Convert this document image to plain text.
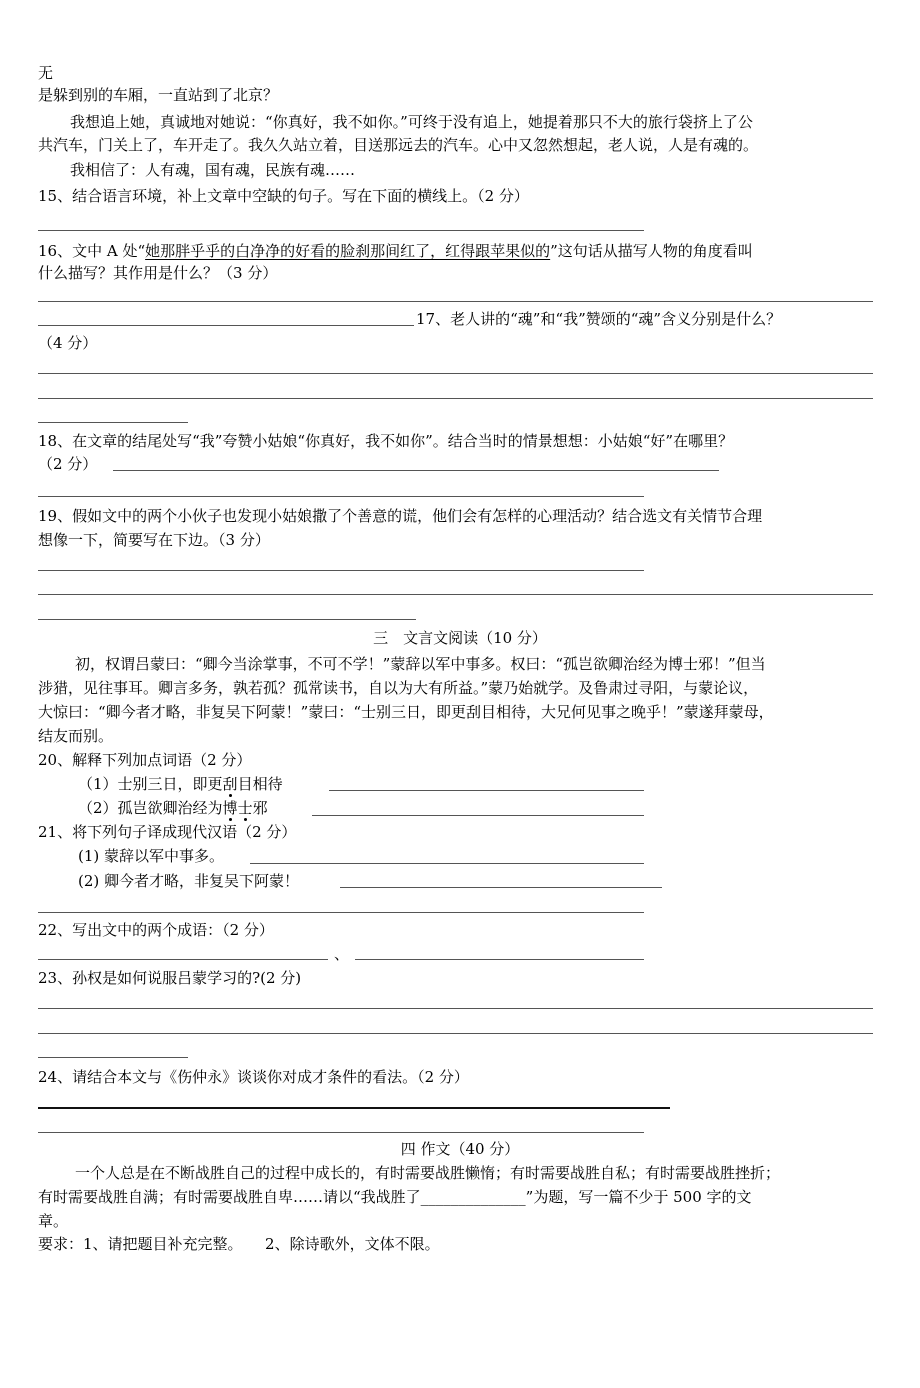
无
是躲到别的车厢，一直站到了北京？
我想追上她，真诚地对她说：“你真好，我不如你。”可终于没有追上，她提着那只不大的旅行袋挤上了公
共汽车，门关上了，车开走了。我久久站立着，目送那远去的汽车。心中又忽然想起，老人说，人是有魂的。
我相信了：人有魂，国有魂，民族有魂……
15、结合语言环境，补上文章中空缺的句子。写在下面的横线上。（2 分）
16、文中 A 处“她那胖乎乎的白净净的好看的脸刹那间红了，红得跟苹果似的”这句话从描写人物的角度看叫
什么描写？其作用是什么？（3 分）
17、老人讲的“魂”和“我”赞颂的“魂”含义分别是什么？
（4 分）
18、在文章的结尾处写“我”夸赞小姑娘“你真好，我不如你”。结合当时的情景想想：小姑娘“好”在哪里？
（2 分）
19、假如文中的两个小伙子也发现小姑娘撒了个善意的谎，他们会有怎样的心理活动？结合选文有关情节合理
想像一下，简要写在下边。（3 分）
三　文言文阅读（10 分）
初，权谓吕蒙曰：“卿今当涂掌事，不可不学！”蒙辞以军中事多。权曰：“孤岂欲卿治经为博士邪！”但当
涉猎，见往事耳。卿言多务，孰若孤？孤常读书，自以为大有所益。”蒙乃始就学。及鲁肃过寻阳，与蒙论议，
大惊曰：“卿今者才略，非复吴下阿蒙！”蒙曰：“士别三日，即更刮目相待，大兄何见事之晚乎！”蒙遂拜蒙母，
结友而别。
20、解释下列加点词语（2 分）
（1）士别三日，即更刮目相待
（2）孤岂欲卿治经为博士邪
21、将下列句子译成现代汉语（2 分）
(1) 蒙辞以军中事多。
(2) 卿今者才略，非复吴下阿蒙！
22、写出文中的两个成语：（2 分）
、
23、孙权是如何说服吕蒙学习的?(2 分)
24、请结合本文与《伤仲永》谈谈你对成才条件的看法。（2 分）
四 作文（40 分）
一个人总是在不断战胜自己的过程中成长的，有时需要战胜懒惰；有时需要战胜自私；有时需要战胜挫折；
有时需要战胜自满；有时需要战胜自卑……请以“我战胜了______________”为题，写一篇不少于 500 字的文
章。
要求：1、请把题目补充完整。　　2、除诗歌外，文体不限。
